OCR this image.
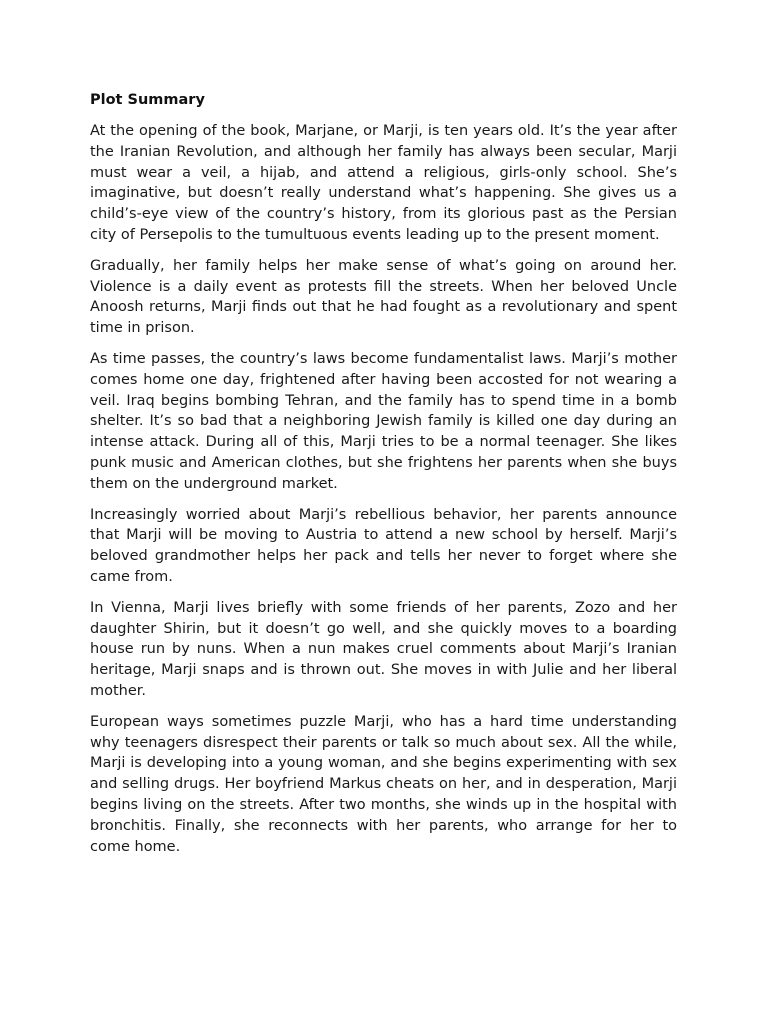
Plot Summary

At the opening of the book, Marjane, or Marji, is ten years old. It’s the year after the Iranian Revolution, and although her family has always been secular, Marji must wear a veil, a hijab, and attend a religious, girls-only school. She’s imaginative, but doesn’t really understand what’s happening. She gives us a child’s-eye view of the country’s history, from its glorious past as the Persian city of Persepolis to the tumultuous events leading up to the present moment.

Gradually, her family helps her make sense of what’s going on around her. Violence is a daily event as protests fill the streets. When her beloved Uncle Anoosh returns, Marji finds out that he had fought as a revolutionary and spent time in prison.

As time passes, the country’s laws become fundamentalist laws. Marji’s mother comes home one day, frightened after having been accosted for not wearing a veil. Iraq begins bombing Tehran, and the family has to spend time in a bomb shelter. It’s so bad that a neighboring Jewish family is killed one day during an intense attack. During all of this, Marji tries to be a normal teenager. She likes punk music and American clothes, but she frightens her parents when she buys them on the underground market.

Increasingly worried about Marji’s rebellious behavior, her parents announce that Marji will be moving to Austria to attend a new school by herself. Marji’s beloved grandmother helps her pack and tells her never to forget where she came from.

In Vienna, Marji lives briefly with some friends of her parents, Zozo and her daughter Shirin, but it doesn’t go well, and she quickly moves to a boarding house run by nuns. When a nun makes cruel comments about Marji’s Iranian heritage, Marji snaps and is thrown out. She moves in with Julie and her liberal mother.

European ways sometimes puzzle Marji, who has a hard time understanding why teenagers disrespect their parents or talk so much about sex. All the while, Marji is developing into a young woman, and she begins experimenting with sex and selling drugs. Her boyfriend Markus cheats on her, and in desperation, Marji begins living on the streets. After two months, she winds up in the hospital with bronchitis. Finally, she reconnects with her parents, who arrange for her to come home.
